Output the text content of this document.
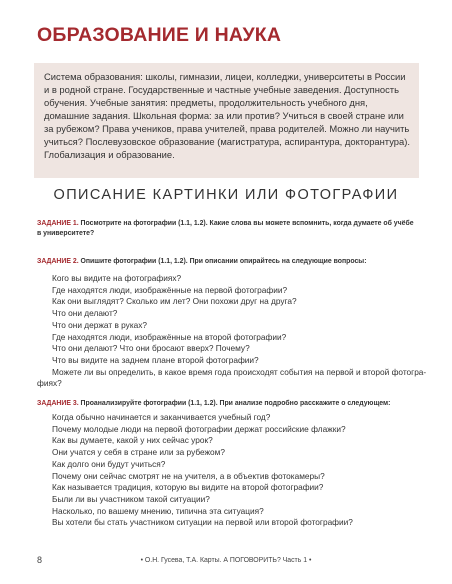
ОБРАЗОВАНИЕ И НАУКА
Система образования: школы, гимназии, лицеи, колледжи, университеты в России
и в родной стране. Государственные и частные учебные заведения. Доступность
обучения. Учебные занятия: предметы, продолжительность учебного дня,
домашние задания. Школьная форма: за или против? Учиться в своей стране или
за рубежом? Права учеников, права учителей, права родителей. Можно ли научить
учиться? Послевузовское образование (магистратура, аспирантура, докторантура).
Глобализация и образование.
ОПИСАНИЕ КАРТИНКИ ИЛИ ФОТОГРАФИИ
ЗАДАНИЕ 1. Посмотрите на фотографии (1.1, 1.2). Какие слова вы можете вспомнить, когда думаете об учёбе
в университете?
ЗАДАНИЕ 2. Опишите фотографии (1.1, 1.2). При описании опирайтесь на следующие вопросы:
Кого вы видите на фотографиях?
Где находятся люди, изображённые на первой фотографии?
Как они выглядят? Сколько им лет? Они похожи друг на друга?
Что они делают?
Что они держат в руках?
Где находятся люди, изображённые на второй фотографии?
Что они делают? Что они бросают вверх? Почему?
Что вы видите на заднем плане второй фотографии?
Можете ли вы определить, в какое время года происходят события на первой и второй фотогра-
фиях?
ЗАДАНИЕ 3. Проанализируйте фотографии (1.1, 1.2). При анализе подробно расскажите о следующем:
Когда обычно начинается и заканчивается учебный год?
Почему молодые люди на первой фотографии держат российские флажки?
Как вы думаете, какой у них сейчас урок?
Они учатся у себя в стране или за рубежом?
Как долго они будут учиться?
Почему они сейчас смотрят не на учителя, а в объектив фотокамеры?
Как называется традиция, которую вы видите на второй фотографии?
Были ли вы участником такой ситуации?
Насколько, по вашему мнению, типична эта ситуация?
Вы хотели бы стать участником ситуации на первой или второй фотографии?
8	• О.Н. Гусева, Т.А. Карты. А ПОГОВОРИТЬ? Часть 1 •
